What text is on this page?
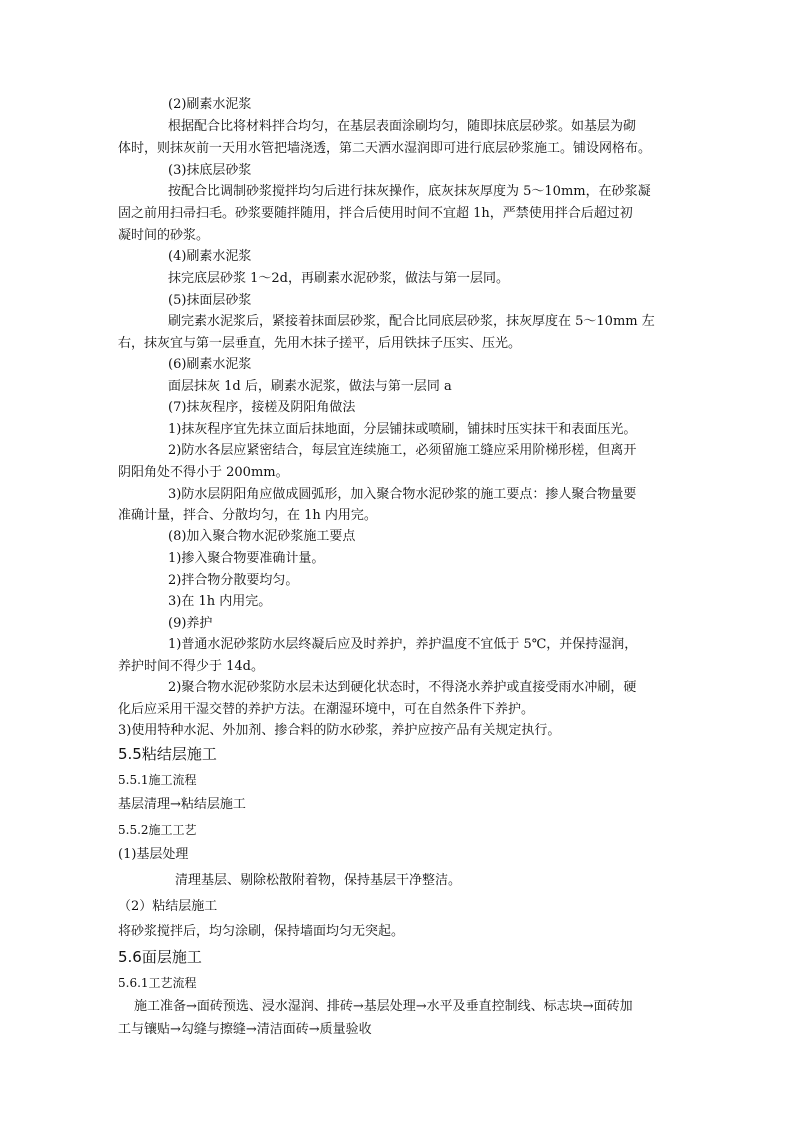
(2)刷素水泥浆
根据配合比将材料拌合均匀，在基层表面涂刷均匀，随即抹底层砂浆。如基层为砌
体时，则抹灰前一天用水管把墙浇透，第二天洒水湿润即可进行底层砂浆施工。铺设网格布。
(3)抹底层砂浆
按配合比调制砂浆搅拌均匀后进行抹灰操作，底灰抹灰厚度为 5～10mm，在砂浆凝
固之前用扫帚扫毛。砂浆要随拌随用，拌合后使用时间不宜超 1h，严禁使用拌合后超过初
凝时间的砂浆。
(4)刷素水泥浆
抹完底层砂浆 1～2d，再刷素水泥砂浆，做法与第一层同。
(5)抹面层砂浆
刷完素水泥浆后，紧接着抹面层砂浆，配合比同底层砂浆，抹灰厚度在 5～10mm 左
右，抹灰宜与第一层垂直，先用木抹子搓平，后用铁抹子压实、压光。
(6)刷素水泥浆
面层抹灰 1d 后，刷素水泥浆，做法与第一层同 a
(7)抹灰程序，接槎及阴阳角做法
1)抹灰程序宜先抹立面后抹地面，分层铺抹或喷刷，铺抹时压实抹干和表面压光。
2)防水各层应紧密结合，每层宜连续施工，必须留施工缝应采用阶梯形槎，但离开
阴阳角处不得小于 200mm。
3)防水层阴阳角应做成圆弧形，加入聚合物水泥砂浆的施工要点：掺人聚合物量要
准确计量，拌合、分散均匀，在 1h 内用完。
(8)加入聚合物水泥砂浆施工要点
1)掺入聚合物要准确计量。
2)拌合物分散要均匀。
3)在 1h 内用完。
(9)养护
1)普通水泥砂浆防水层终凝后应及时养护，养护温度不宜低于 5℃，并保持湿润，
养护时间不得少于 14d。
2)聚合物水泥砂浆防水层未达到硬化状态时，不得浇水养护或直接受雨水冲刷，硬
化后应采用干湿交替的养护方法。在潮湿环境中，可在自然条件下养护。
3)使用特种水泥、外加剂、掺合料的防水砂浆，养护应按产品有关规定执行。
5.5粘结层施工
5.5.1施工流程
基层清理→粘结层施工
5.5.2施工工艺
(1)基层处理
清理基层、剔除松散附着物，保持基层干净整洁。
（2）粘结层施工
将砂浆搅拌后，均匀涂刷，保持墙面均匀无突起。
5.6面层施工
5.6.1工艺流程
施工准备→面砖预选、浸水湿润、排砖→基层处理→水平及垂直控制线、标志块→面砖加
工与镶贴→勾缝与擦缝→清洁面砖→质量验收
